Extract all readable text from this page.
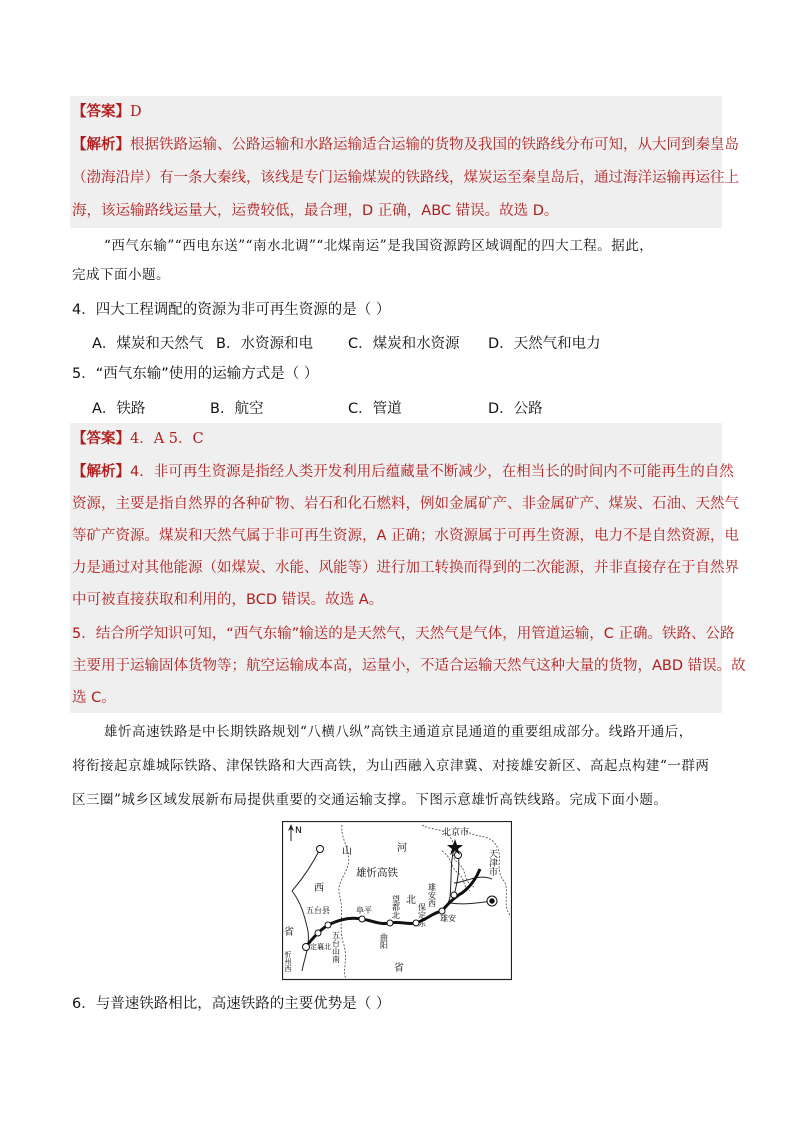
【答案】D
【解析】根据铁路运输、公路运输和水路运输适合运输的货物及我国的铁路线分布可知，从大同到秦皇岛
（渤海沿岸）有一条大秦线，该线是专门运输煤炭的铁路线，煤炭运至秦皇岛后，通过海洋运输再运往上
海，该运输路线运量大，运费较低，最合理，D 正确，ABC 错误。故选 D。
“西气东输”“西电东送”“南水北调”“北煤南运”是我国资源跨区域调配的四大工程。据此，
完成下面小题。
4．四大工程调配的资源为非可再生资源的是（ ）
A．煤炭和天然气 B．水资源和电 C．煤炭和水资源 D．天然气和电力
5．“西气东输”使用的运输方式是（ ）
A．铁路	B．航空	C．管道	D．公路
【答案】4．A 5．C
【解析】4．非可再生资源是指经人类开发利用后蕴藏量不断减少，在相当长的时间内不可能再生的自然
资源，主要是指自然界的各种矿物、岩石和化石燃料，例如金属矿产、非金属矿产、煤炭、石油、天然气
等矿产资源。煤炭和天然气属于非可再生资源，A 正确；水资源属于可再生资源，电力不是自然资源，电
力是通过对其他能源（如煤炭、水能、风能等）进行加工转换而得到的二次能源，并非直接存在于自然界
中可被直接获取和利用的，BCD 错误。故选 A。
5．结合所学知识可知，“西气东输”输送的是天然气，天然气是气体，用管道运输，C 正确。铁路、公路
主要用于运输固体货物等；航空运输成本高，运量小，不适合运输天然气这种大量的货物，ABD 错误。故
选 C。
雄忻高速铁路是中长期铁路规划“八横八纵”高铁主通道京昆通道的重要组成部分。线路开通后，
将衔接起京雄城际铁路、津保铁路和大西高铁，为山西融入京津冀、对接雄安新区、高起点构建“一群两
区三圈”城乡区域发展新布局提供重要的交通运输支撑。下图示意雄忻高铁线路。完成下面小题。
N
山
西
省
河
北
省
雄忻高铁
北京市
天津市
雄安
雄安西
保定东
望都北
曲阳
阜平
五台山南
五台县
定襄北
忻州西
6．与普速铁路相比，高速铁路的主要优势是（ ）
